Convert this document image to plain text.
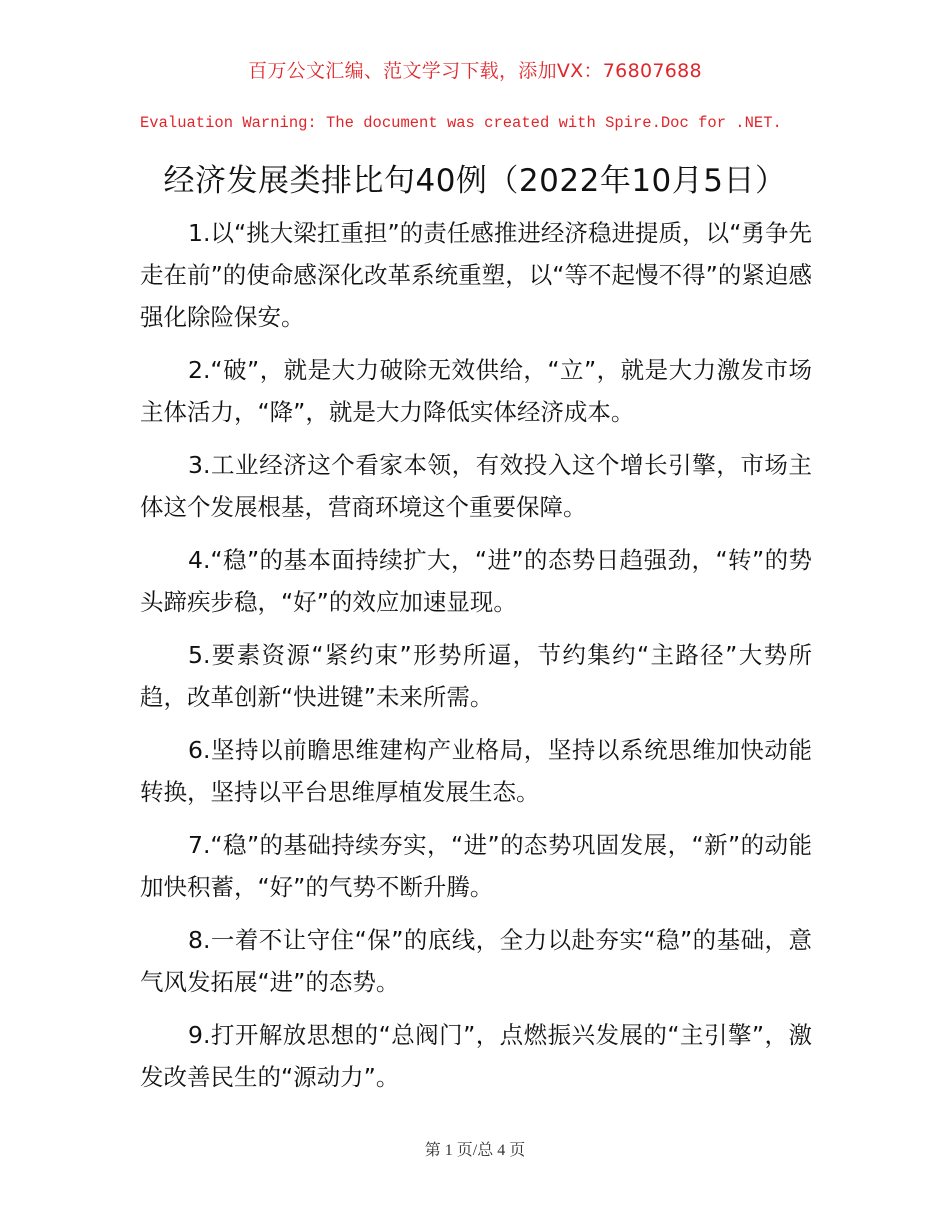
百万公文汇编、范文学习下载，添加VX：76807688
Evaluation Warning: The document was created with Spire.Doc for .NET.
经济发展类排比句40例（2022年10月5日）

1.以“挑大梁扛重担”的责任感推进经济稳进提质，以“勇争先走在前”的使命感深化改革系统重塑，以“等不起慢不得”的紧迫感强化除险保安。

2.“破”，就是大力破除无效供给，“立”，就是大力激发市场主体活力，“降”，就是大力降低实体经济成本。

3.工业经济这个看家本领，有效投入这个增长引擎，市场主体这个发展根基，营商环境这个重要保障。

4.“稳”的基本面持续扩大，“进”的态势日趋强劲，“转”的势头蹄疾步稳，“好”的效应加速显现。

5.要素资源“紧约束”形势所逼，节约集约“主路径”大势所趋，改革创新“快进键”未来所需。

6.坚持以前瞻思维建构产业格局，坚持以系统思维加快动能转换，坚持以平台思维厚植发展生态。

7.“稳”的基础持续夯实，“进”的态势巩固发展，“新”的动能加快积蓄，“好”的气势不断升腾。

8.一着不让守住“保”的底线，全力以赴夯实“稳”的基础，意气风发拓展“进”的态势。

9.打开解放思想的“总阀门”，点燃振兴发展的“主引擎”，激发改善民生的“源动力”。

第 1 页/总 4 页
